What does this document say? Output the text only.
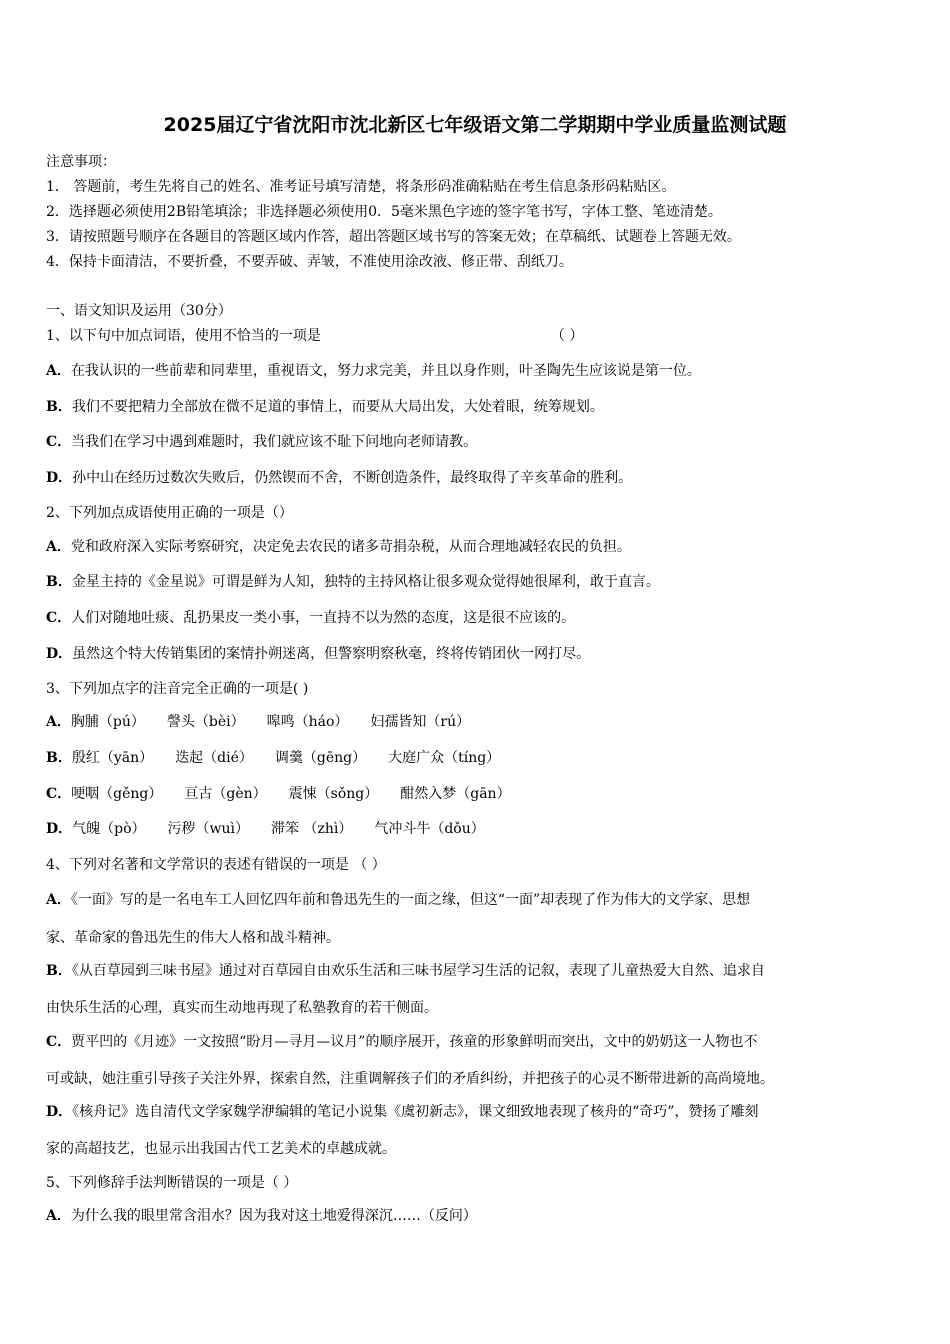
2025届辽宁省沈阳市沈北新区七年级语文第二学期期中学业质量监测试题
注意事项：
1． 答题前，考生先将自己的姓名、准考证号填写清楚，将条形码准确粘贴在考生信息条形码粘贴区。
2．选择题必须使用2B铅笔填涂；非选择题必须使用0．5毫米黑色字迹的签字笔书写，字体工整、笔迹清楚。
3．请按照题号顺序在各题目的答题区域内作答，超出答题区域书写的答案无效；在草稿纸、试题卷上答题无效。
4．保持卡面清洁，不要折叠，不要弄破、弄皱，不准使用涂改液、修正带、刮纸刀。
一、语文知识及运用（30分）
1、以下句中加点词语，使用不恰当的一项是	（ ）
A．在我认识的一些前辈和同辈里，重视语文，努力求完美，并且以身作则，叶圣陶先生应该说是第一位。
B．我们不要把精力全部放在微不足道的事情上，而要从大局出发，大处着眼，统筹规划。
C．当我们在学习中遇到难题时，我们就应该不耻下问地向老师请教。
D．孙中山在经历过数次失败后，仍然锲而不舍，不断创造条件，最终取得了辛亥革命的胜利。
2、下列加点成语使用正确的一项是（）
A．党和政府深入实际考察研究，决定免去农民的诸多苛捐杂税，从而合理地减轻农民的负担。
B．金星主持的《金星说》可谓是鲜为人知，独特的主持风格让很多观众觉得她很犀利，敢于直言。
C．人们对随地吐痰、乱扔果皮一类小事，一直持不以为然的态度，这是很不应该的。
D．虽然这个特大传销集团的案情扑朔迷离，但警察明察秋毫，终将传销团伙一网打尽。
3、下列加点字的注音完全正确的一项是( )
A．胸脯（pú） 謦头（bèi） 嗥鸣（háo） 妇孺皆知（rú）
B．殷红（yān） 迭起（dié） 调羹（gēng） 大庭广众（tíng）
C．哽咽（gěng） 亘古（gèn） 震悚（sǒng） 酣然入梦（gān）
D．气魄（pò） 污秽（wuì） 滞笨 （zhì） 气冲斗牛（dǒu）
4、下列对名著和文学常识的表述有错误的一项是 （ ）
A．《一面》写的是一名电车工人回忆四年前和鲁迅先生的一面之缘，但这“一面”却表现了作为伟大的文学家、思想
家、革命家的鲁迅先生的伟大人格和战斗精神。
B．《从百草园到三味书屋》通过对百草园自由欢乐生活和三味书屋学习生活的记叙，表现了儿童热爱大自然、追求自
由快乐生活的心理，真实而生动地再现了私塾教育的若干侧面。
C．贾平凹的《月迹》一文按照“盼月—寻月—议月”的顺序展开，孩童的形象鲜明而突出，文中的奶奶这一人物也不
可或缺，她注重引导孩子关注外界，探索自然，注重调解孩子们的矛盾纠纷，并把孩子的心灵不断带进新的高尚境地。
D．《核舟记》选自清代文学家魏学洢编辑的笔记小说集《虞初新志》，课文细致地表现了核舟的“奇巧”，赞扬了雕刻
家的高超技艺，也显示出我国古代工艺美术的卓越成就。
5、下列修辞手法判断错误的一项是（ ）
A．为什么我的眼里常含泪水？因为我对这土地爱得深沉……（反问）
